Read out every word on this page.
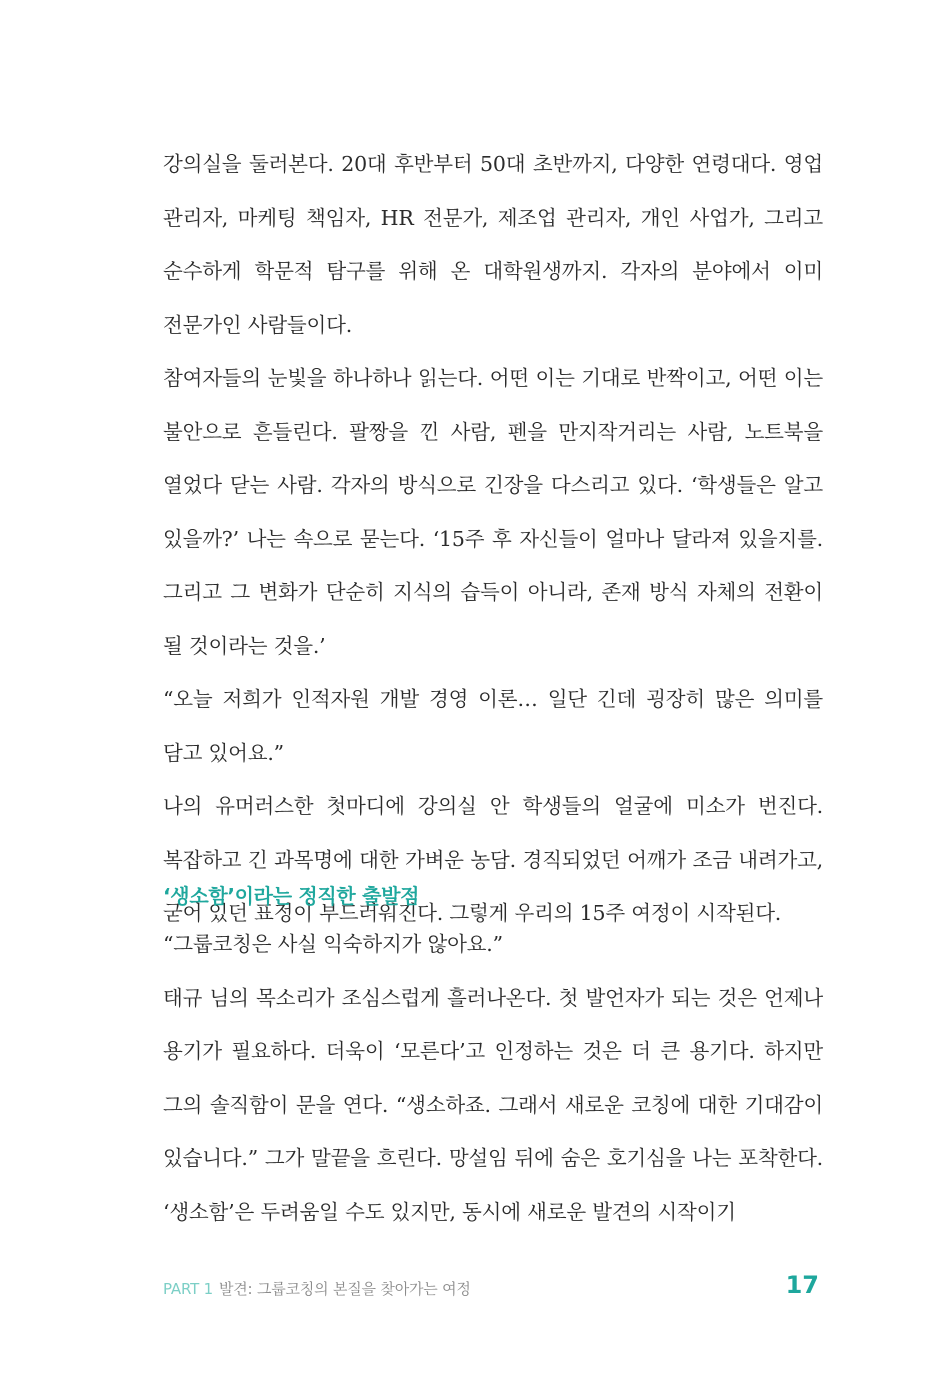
강의실을 둘러본다. 20대 후반부터 50대 초반까지, 다양한 연령대다. 영업 관리자, 마케팅 책임자, HR 전문가, 제조업 관리자, 개인 사업가, 그리고 순수하게 학문적 탐구를 위해 온 대학원생까지. 각자의 분야에서 이미 전문가인 사람들이다.

참여자들의 눈빛을 하나하나 읽는다. 어떤 이는 기대로 반짝이고, 어떤 이는 불안으로 흔들린다. 팔짱을 낀 사람, 펜을 만지작거리는 사람, 노트북을 열었다 닫는 사람. 각자의 방식으로 긴장을 다스리고 있다. ‘학생들은 알고 있을까?’ 나는 속으로 묻는다. ‘15주 후 자신들이 얼마나 달라져 있을지를. 그리고 그 변화가 단순히 지식의 습득이 아니라, 존재 방식 자체의 전환이 될 것이라는 것을.’

“오늘 저희가 인적자원 개발 경영 이론… 일단 긴데 굉장히 많은 의미를 담고 있어요.”

나의 유머러스한 첫마디에 강의실 안 학생들의 얼굴에 미소가 번진다. 복잡하고 긴 과목명에 대한 가벼운 농담. 경직되었던 어깨가 조금 내려가고, 굳어 있던 표정이 부드러워진다. 그렇게 우리의 15주 여정이 시작된다.

‘생소함’이라는 정직한 출발점

“그룹코칭은 사실 익숙하지가 않아요.”

태규 님의 목소리가 조심스럽게 흘러나온다. 첫 발언자가 되는 것은 언제나 용기가 필요하다. 더욱이 ‘모른다’고 인정하는 것은 더 큰 용기다. 하지만 그의 솔직함이 문을 연다. “생소하죠. 그래서 새로운 코칭에 대한 기대감이 있습니다.” 그가 말끝을 흐린다. 망설임 뒤에 숨은 호기심을 나는 포착한다. ‘생소함’은 두려움일 수도 있지만, 동시에 새로운 발견의 시작이기

PART 1 발견: 그룹코칭의 본질을 찾아가는 여정	17
